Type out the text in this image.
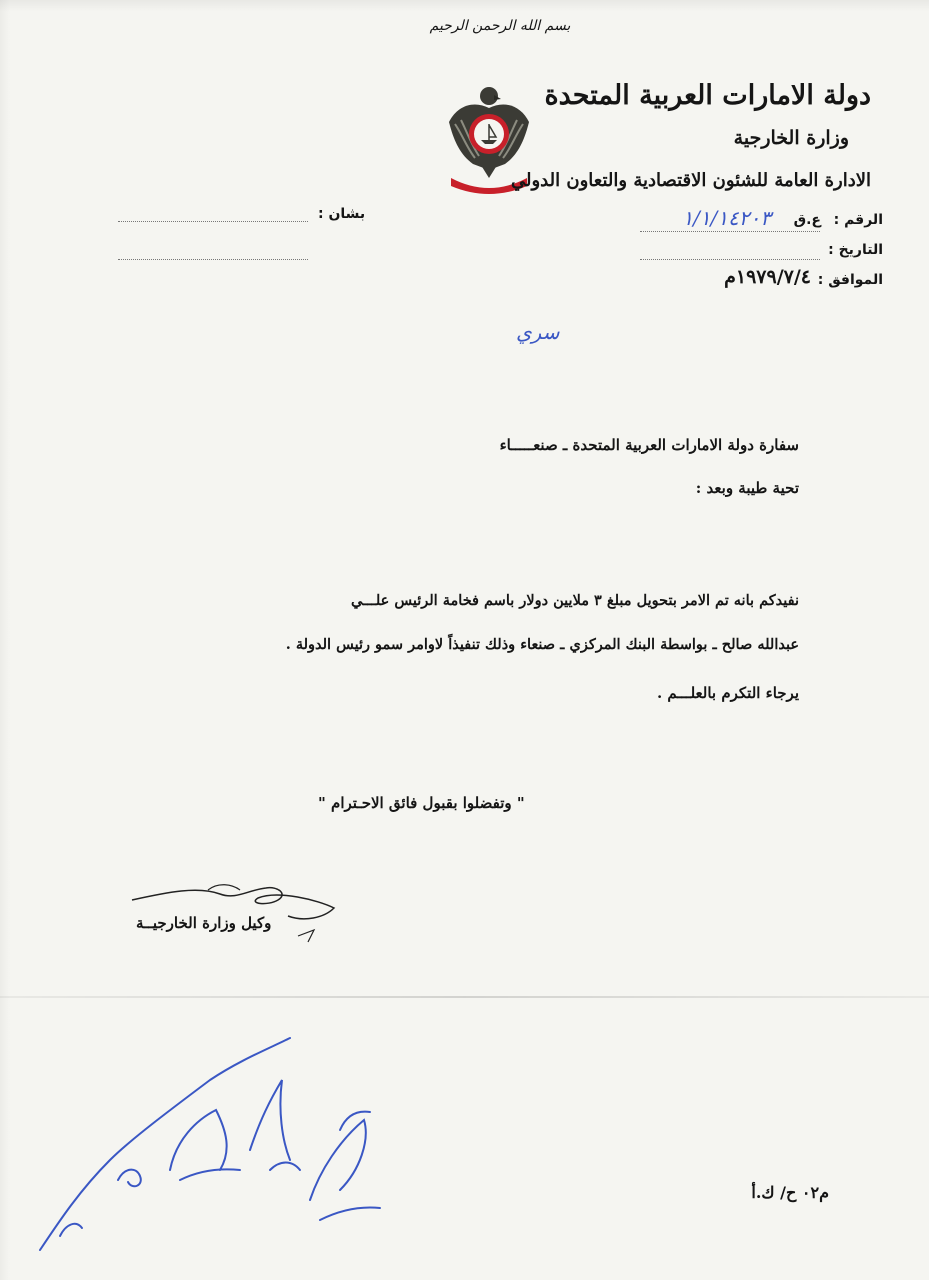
بسم الله الرحمن الرحيم
دولة الامارات العربية المتحدة
وزارة الخارجية
الادارة العامة للشئون الاقتصادية والتعاون الدولي
بشان :	الرقم :
ع.ق
١/١/١٤٢٠٣
التاريخ :
الموافق :
١٩٧٩/٧/٤م
سري
سفارة دولة الامارات العربية المتحدة ـ صنعـــــاء
تحية طيبة وبعد :
نفيدكم بانه تم الامر بتحويل مبلغ ٣ ملايين دولار باسم فخامة الرئيس علـــي
عبدالله صالح ـ بواسطة البنك المركزي ـ صنعاء وذلك تنفيذاً لاوامر سمو رئيس الدولة .
يرجاء التكرم بالعلـــم .
" وتفضلوا بقبول فائق الاحـترام "
وكيل وزارة الخارجيــة
م٠٢ ح/ ك.أ
